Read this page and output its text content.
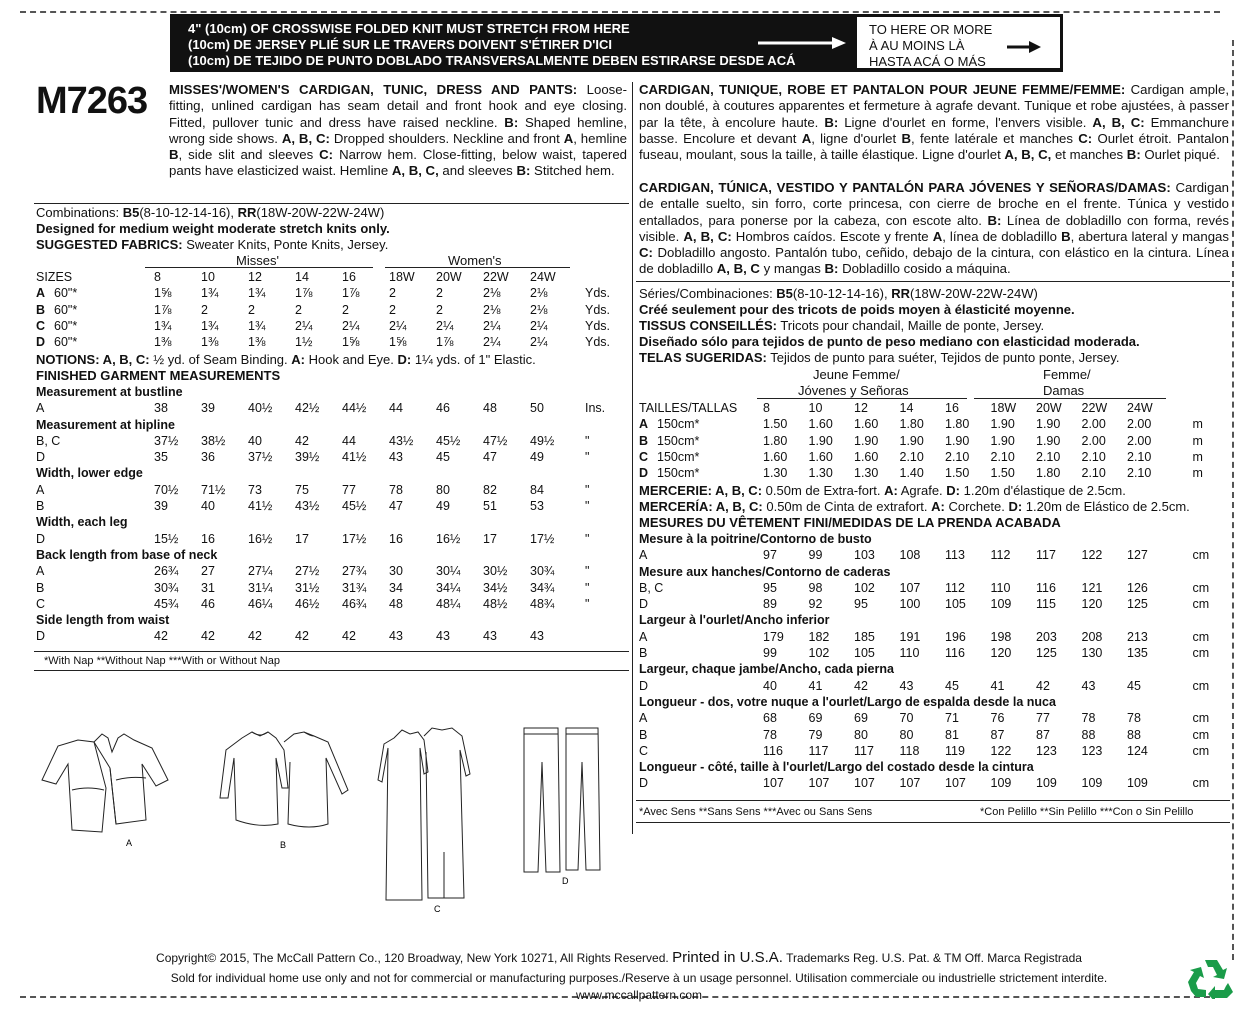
4" (10cm) OF CROSSWISE FOLDED KNIT MUST STRETCH FROM HERE
(10cm) DE JERSEY PLIÉ SUR LE TRAVERS DOIVENT S'ÉTIRER D'ICI
(10cm) DE TEJIDO DE PUNTO DOBLADO TRANSVERSALMENTE DEBEN ESTIRARSE DESDE ACÁ
TO HERE OR MORE
À AU MOINS LÀ
HASTA ACÁ O MÁS
M7263 MISSES'/WOMEN'S CARDIGAN, TUNIC, DRESS AND PANTS: Loose-fitting, unlined cardigan has seam detail and front hook and eye closing. Fitted, pullover tunic and dress have raised neckline. B: Shaped hemline, wrong side shows. A, B, C: Dropped shoulders. Neckline and front A, hemline B, side slit and sleeves C: Narrow hem. Close-fitting, below waist, tapered pants have elasticized waist. Hemline A, B, C, and sleeves B: Stitched hem.
Combinations: B5(8-10-12-14-16), RR(18W-20W-22W-24W)
Designed for medium weight moderate stretch knits only.
SUGGESTED FABRICS: Sweater Knits, Ponte Knits, Jersey.
Misses'	Women's
SIZES		8	10	12	14	16	18W	20W	22W	24W	
A	60"*	1⅝	1¾	1¾	1⅞	1⅞	2	2	2⅛	2⅛	Yds.
B	60"*	1⅞	2	2	2	2	2	2	2⅛	2⅛	Yds.
C	60"*	1¾	1¾	1¾	2¼	2¼	2¼	2¼	2¼	2¼	Yds.
D	60"*	1⅜	1⅜	1⅜	1½	1⅝	1⅝	1⅞	2¼	2¼	Yds.
NOTIONS: A, B, C: ½ yd. of Seam Binding. A: Hook and Eye. D: 1¼ yds. of 1" Elastic.
FINISHED GARMENT MEASUREMENTS
Measurement at bustline										
A	38	39	40½	42½	44½	44	46	48	50	Ins.
Measurement at hipline										
B, C	37½	38½	40	42	44	43½	45½	47½	49½	"
D	35	36	37½	39½	41½	43	45	47	49	"
Width, lower edge										
A	70½	71½	73	75	77	78	80	82	84	"
B	39	40	41½	43½	45½	47	49	51	53	"
Width, each leg										
D	15½	16	16½	17	17½	16	16½	17	17½	"
Back length from base of neck										
A	26¾	27	27¼	27½	27¾	30	30¼	30½	30¾	"
B	30¾	31	31¼	31½	31¾	34	34¼	34½	34¾	"
C	45¾	46	46¼	46½	46¾	48	48¼	48½	48¾	"
Side length from waist										
D	42	42	42	42	42	43	43	43	43	
*With Nap **Without Nap ***With or Without Nap
CARDIGAN, TUNIQUE, ROBE ET PANTALON POUR JEUNE FEMME/FEMME: Cardigan ample, non doublé, à coutures apparentes et fermeture à agrafe devant. Tunique et robe ajustées, à passer par la tête, à encolure haute. B: Ligne d'ourlet en forme, l'envers visible. A, B, C: Emmanchure basse. Encolure et devant A, ligne d'ourlet B, fente latérale et manches C: Ourlet étroit. Pantalon fuseau, moulant, sous la taille, à taille élastique. Ligne d'ourlet A, B, C, et manches B: Ourlet piqué.
CARDIGAN, TÚNICA, VESTIDO Y PANTALÓN PARA JÓVENES Y SEÑORAS/DAMAS: Cardigan de entalle suelto, sin forro, corte princesa, con cierre de broche en el frente. Túnica y vestido entallados, para ponerse por la cabeza, con escote alto. B: Línea de dobladillo con forma, revés visible. A, B, C: Hombros caídos. Escote y frente A, línea de dobladillo B, abertura lateral y mangas C: Dobladillo angosto. Pantalón tubo, ceñido, debajo de la cintura, con elástico en la cintura. Línea de dobladillo A, B, C y mangas B: Dobladillo cosido a máquina.
Séries/Combinaciones: B5(8-10-12-14-16), RR(18W-20W-22W-24W)
Créé seulement pour des tricots de poids moyen à élasticité moyenne.
TISSUS CONSEILLÉS: Tricots pour chandail, Maille de ponte, Jersey.
Diseñado sólo para tejidos de punto de peso mediano con elasticidad moderada.
TELAS SUGERIDAS: Tejidos de punto para suéter, Tejidos de punto ponte, Jersey.
Jeune Femme/
Jóvenes y Señoras
Femme/
Damas
TAILLES/TALLAS		8	10	12	14	16	18W	20W	22W	24W	
A	150cm*	1.50	1.60	1.60	1.80	1.80	1.90	1.90	2.00	2.00	m
B	150cm*	1.80	1.90	1.90	1.90	1.90	1.90	1.90	2.00	2.00	m
C	150cm*	1.60	1.60	1.60	2.10	2.10	2.10	2.10	2.10	2.10	m
D	150cm*	1.30	1.30	1.30	1.40	1.50	1.50	1.80	2.10	2.10	m
MERCERIE: A, B, C: 0.50m de Extra-fort. A: Agrafe. D: 1.20m d'élastique de 2.5cm.
MERCERÍA: A, B, C: 0.50m de Cinta de extrafort. A: Corchete. D: 1.20m de Elástico de 2.5cm.
MESURES DU VÊTEMENT FINI/MEDIDAS DE LA PRENDA ACABADA
Mesure à la poitrine/Contorno de busto										
A	97	99	103	108	113	112	117	122	127	cm
Mesure aux hanches/Contorno de caderas										
B, C	95	98	102	107	112	110	116	121	126	cm
D	89	92	95	100	105	109	115	120	125	cm
Largeur à l'ourlet/Ancho inferior										
A	179	182	185	191	196	198	203	208	213	cm
B	99	102	105	110	116	120	125	130	135	cm
Largeur, chaque jambe/Ancho, cada pierna										
D	40	41	42	43	45	41	42	43	45	cm
Longueur - dos, votre nuque a l'ourlet/Largo de espalda desde la nuca										
A	68	69	69	70	71	76	77	78	78	cm
B	78	79	80	80	81	87	87	88	88	cm
C	116	117	117	118	119	122	123	123	124	cm
Longueur - côté, taille à l'ourlet/Largo del costado desde la cintura										
D	107	107	107	107	107	109	109	109	109	cm
*Avec Sens **Sans Sens ***Avec ou Sans Sens	*Con Pelillo **Sin Pelillo ***Con o Sin Pelillo
A	B
C
D
Copyright© 2015, The McCall Pattern Co., 120 Broadway, New York 10271, All Rights Reserved. Printed in U.S.A. Trademarks Reg. U.S. Pat. & TM Off. Marca Registrada
Sold for individual home use only and not for commercial or manufacturing purposes./Reserve à un usage personnel. Utilisation commerciale ou industrielle strictement interdite.
www.mccallpattern.com
